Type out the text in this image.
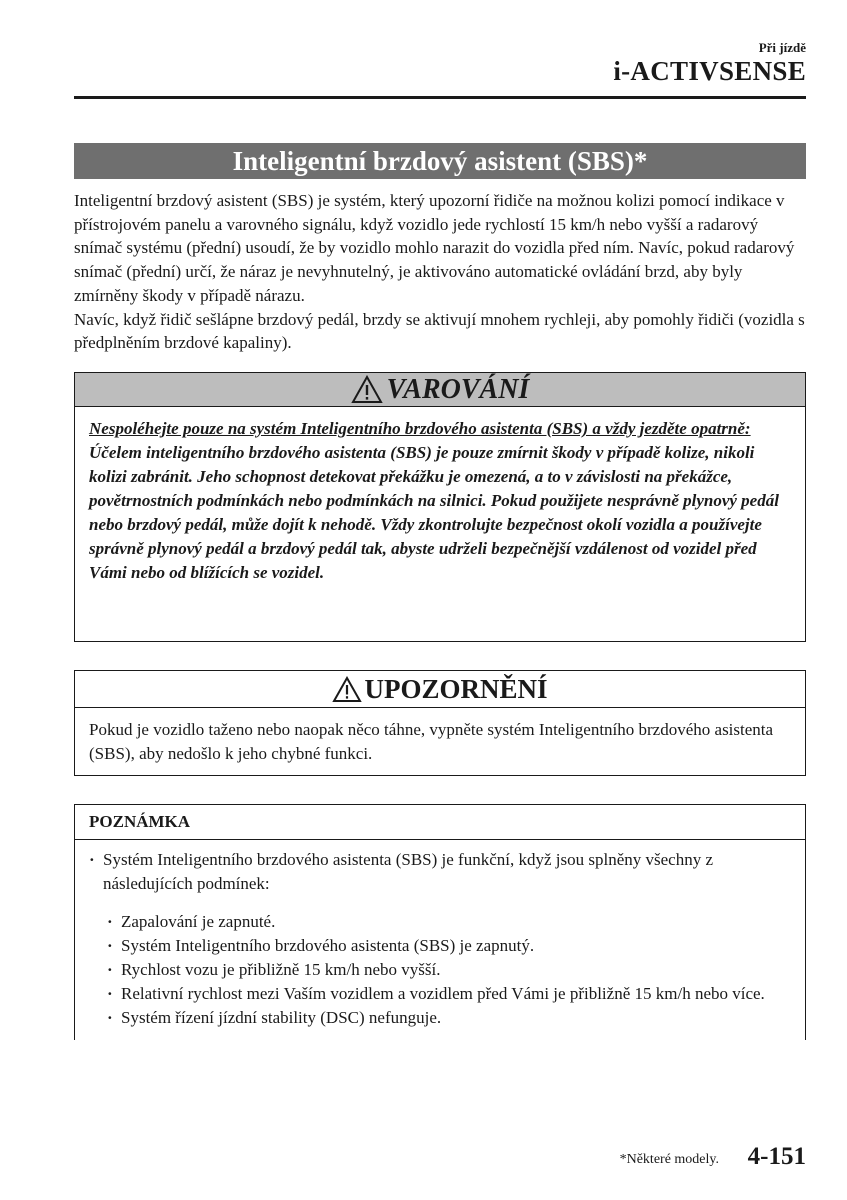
Při jízdě
i-ACTIVSENSE
Inteligentní brzdový asistent (SBS)*

Inteligentní brzdový asistent (SBS) je systém, který upozorní řidiče na možnou kolizi pomocí indikace v přístrojovém panelu a varovného signálu, když vozidlo jede rychlostí 15 km/h nebo vyšší a radarový snímač systému (přední) usoudí, že by vozidlo mohlo narazit do vozidla před ním. Navíc, pokud radarový snímač (přední) určí, že náraz je nevyhnutelný, je aktivováno automatické ovládání brzd, aby byly zmírněny škody v případě nárazu.

Navíc, když řidič sešlápne brzdový pedál, brzdy se aktivují mnohem rychleji, aby pomohly řidiči (vozidla s předplněním brzdové kapaliny).

VAROVÁNÍ

Nespoléhejte pouze na systém Inteligentního brzdového asistenta (SBS) a vždy jezděte opatrně:

Účelem inteligentního brzdového asistenta (SBS) je pouze zmírnit škody v případě kolize, nikoli kolizi zabránit. Jeho schopnost detekovat překážku je omezená, a to v závislosti na překážce, povětrnostních podmínkách nebo podmínkách na silnici. Pokud použijete nesprávně plynový pedál nebo brzdový pedál, může dojít k nehodě. Vždy zkontrolujte bezpečnost okolí vozidla a používejte správně plynový pedál a brzdový pedál tak, abyste udrželi bezpečnější vzdálenost od vozidel před Vámi nebo od blížících se vozidel.

UPOZORNĚNÍ

Pokud je vozidlo taženo nebo naopak něco táhne, vypněte systém Inteligentního brzdového asistenta (SBS), aby nedošlo k jeho chybné funkci.

POZNÁMKA
· Systém Inteligentního brzdového asistenta (SBS) je funkční, když jsou splněny všechny z následujících podmínek:
· Zapalování je zapnuté.
· Systém Inteligentního brzdového asistenta (SBS) je zapnutý.
· Rychlost vozu je přibližně 15 km/h nebo vyšší.
· Relativní rychlost mezi Vaším vozidlem a vozidlem před Vámi je přibližně 15 km/h nebo více.
· Systém řízení jízdní stability (DSC) nefunguje.
*Některé modely. 4-151
